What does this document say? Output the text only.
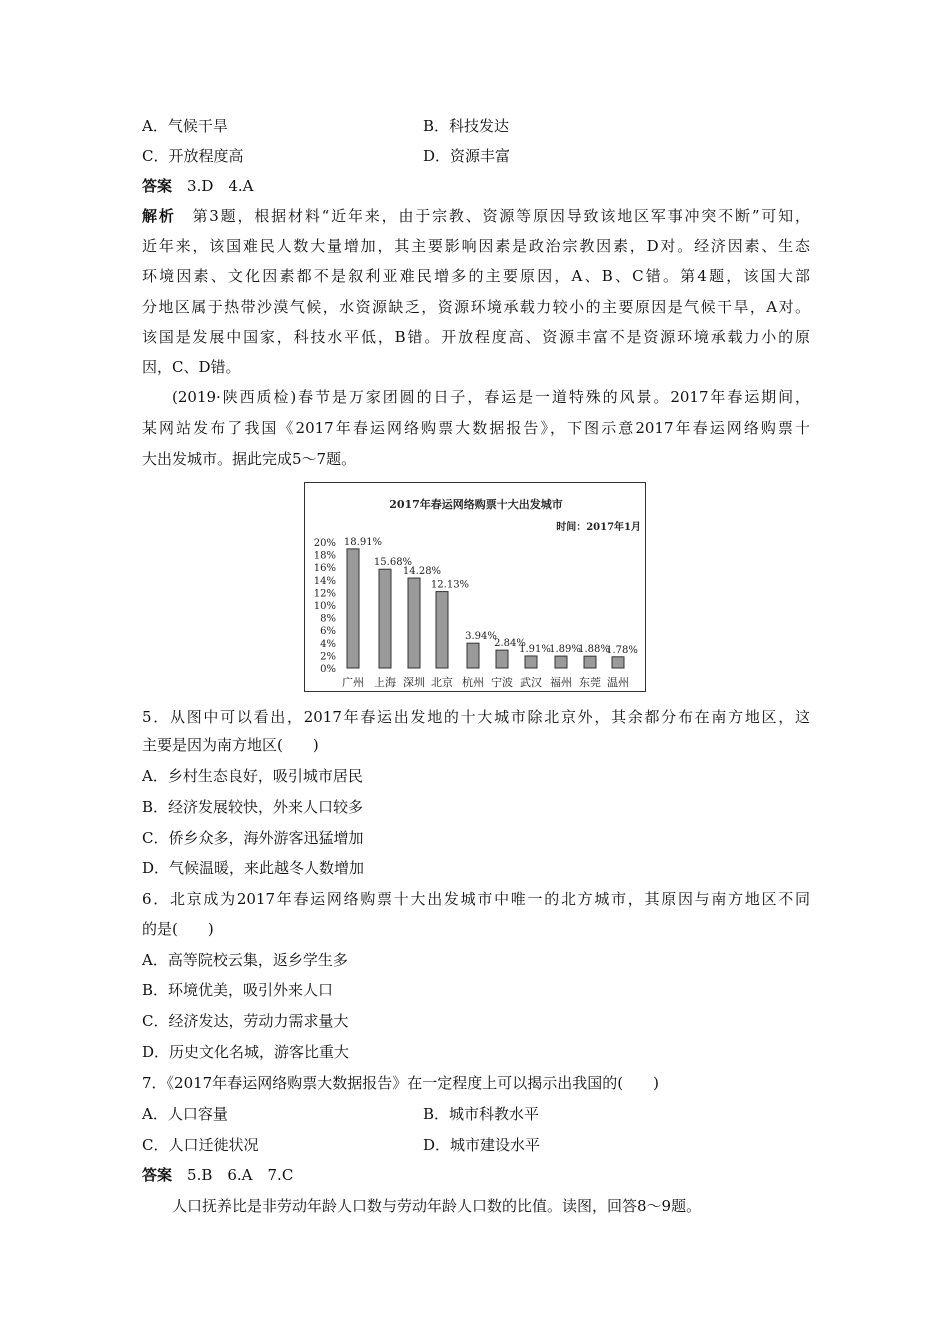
A．气候干旱	B．科技发达
C．开放程度高	D．资源丰富
答案　 3.D　4.A
解析　第3题，根据材料“近年来，由于宗教、资源等原因导致该地区军事冲突不断”可知，
近年来，该国难民人数大量增加，其主要影响因素是政治宗教因素，D对。经济因素、生态
环境因素、文化因素都不是叙利亚难民增多的主要原因，A、B、C错。第4题，该国大部
分地区属于热带沙漠气候，水资源缺乏，资源环境承载力较小的主要原因是气候干旱，A对。
该国是发展中国家，科技水平低，B错。开放程度高、资源丰富不是资源环境承载力小的原
因，C、D错。
(2019·陕西质检)春节是万家团圆的日子，春运是一道特殊的风景。2017年春运期间，
某网站发布了我国《2017年春运网络购票大数据报告》，下图示意2017年春运网络购票十
大出发城市。据此完成5～7题。
2017年春运网络购票十大出发城市
时间：2017年1月
0%
2%
4%
6%
8%
10%
12%
14%
16%
18%
20% 18.91%
广州
15.68%
上海
14.28%
深圳
12.13%
北京
3.94%
杭州
2.84%
宁波
1.91%
武汉
1.89%
福州
1.88%
东莞
1.78%
温州
5．从图中可以看出，2017年春运出发地的十大城市除北京外，其余都分布在南方地区，这
主要是因为南方地区(　　)
A．乡村生态良好，吸引城市居民
B．经济发展较快，外来人口较多
C．侨乡众多，海外游客迅猛增加
D．气候温暖，来此越冬人数增加
6．北京成为2017年春运网络购票十大出发城市中唯一的北方城市，其原因与南方地区不同
的是(　　)
A．高等院校云集，返乡学生多
B．环境优美，吸引外来人口
C．经济发达，劳动力需求量大
D．历史文化名城，游客比重大
7．《2017年春运网络购票大数据报告》在一定程度上可以揭示出我国的(　　)
A．人口容量	B．城市科教水平
C．人口迁徙状况	D．城市建设水平
答案　 5.B　6.A　7.C
人口抚养比是非劳动年龄人口数与劳动年龄人口数的比值。读图，回答8～9题。
